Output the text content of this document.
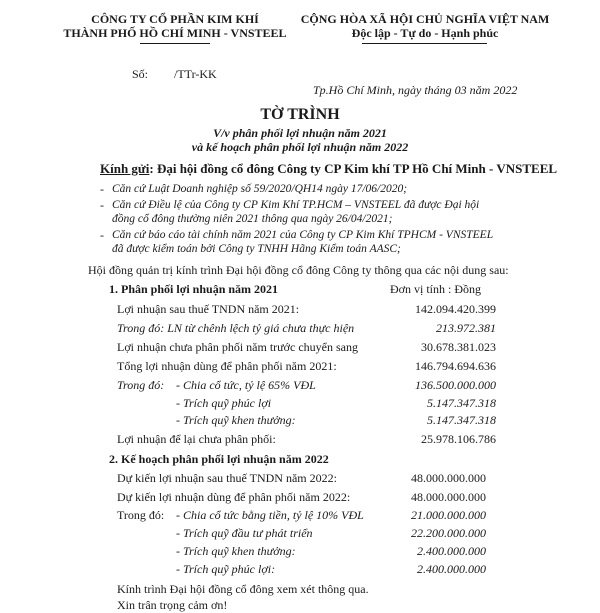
CÔNG TY CỔ PHẦN KIM KHÍ
THÀNH PHỐ HỒ CHÍ MINH - VNSTEEL
CỘNG HÒA XÃ HỘI CHỦ NGHĨA VIỆT NAM
Độc lập - Tự do - Hạnh phúc
Số: /TTr-KK
Tp.Hồ Chí Minh, ngày tháng 03 năm 2022
TỜ TRÌNH
V/v phân phối lợi nhuận năm 2021
và kế hoạch phân phối lợi nhuận năm 2022
Kính gửi: Đại hội đồng cổ đông Công ty CP Kim khí TP Hồ Chí Minh - VNSTEEL
- Căn cứ Luật Doanh nghiệp số 59/2020/QH14 ngày 17/06/2020;
- Căn cứ Điều lệ của Công ty CP Kim Khí TP.HCM – VNSTEEL đã được Đại hội
đồng cổ đông thường niên 2021 thông qua ngày 26/04/2021;
- Căn cứ báo cáo tài chính năm 2021 của Công ty CP Kim Khí TPHCM - VNSTEEL
đã được kiểm toán bởi Công ty TNHH Hãng Kiểm toán AASC;
Hội đồng quản trị kính trình Đại hội đồng cổ đông Công ty thông qua các nội dung sau:
1. Phân phối lợi nhuận năm 2021	Đơn vị tính : Đồng
Lợi nhuận sau thuế TNDN năm 2021:	142.094.420.399
Trong đó: LN từ chênh lệch tỷ giá chưa thực hiện	213.972.381
Lợi nhuận chưa phân phối năm trước chuyển sang	30.678.381.023
Tổng lợi nhuận dùng để phân phối năm 2021:	146.794.694.636
Trong đó: - Chia cổ tức, tỷ lệ 65% VĐL	136.500.000.000
- Trích quỹ phúc lợi	5.147.347.318
- Trích quỹ khen thưởng:	5.147.347.318
Lợi nhuận để lại chưa phân phối:	25.978.106.786
2. Kế hoạch phân phối lợi nhuận năm 2022
Dự kiến lợi nhuận sau thuế TNDN năm 2022:	48.000.000.000
Dự kiến lợi nhuận dùng để phân phối năm 2022:	48.000.000.000
Trong đó: - Chia cổ tức bằng tiền, tỷ lệ 10% VĐL	21.000.000.000
- Trích quỹ đầu tư phát triển	22.200.000.000
- Trích quỹ khen thưởng:	2.400.000.000
- Trích quỹ phúc lợi:	2.400.000.000
Kính trình Đại hội đồng cổ đông xem xét thông qua.
Xin trân trọng cảm ơn!
